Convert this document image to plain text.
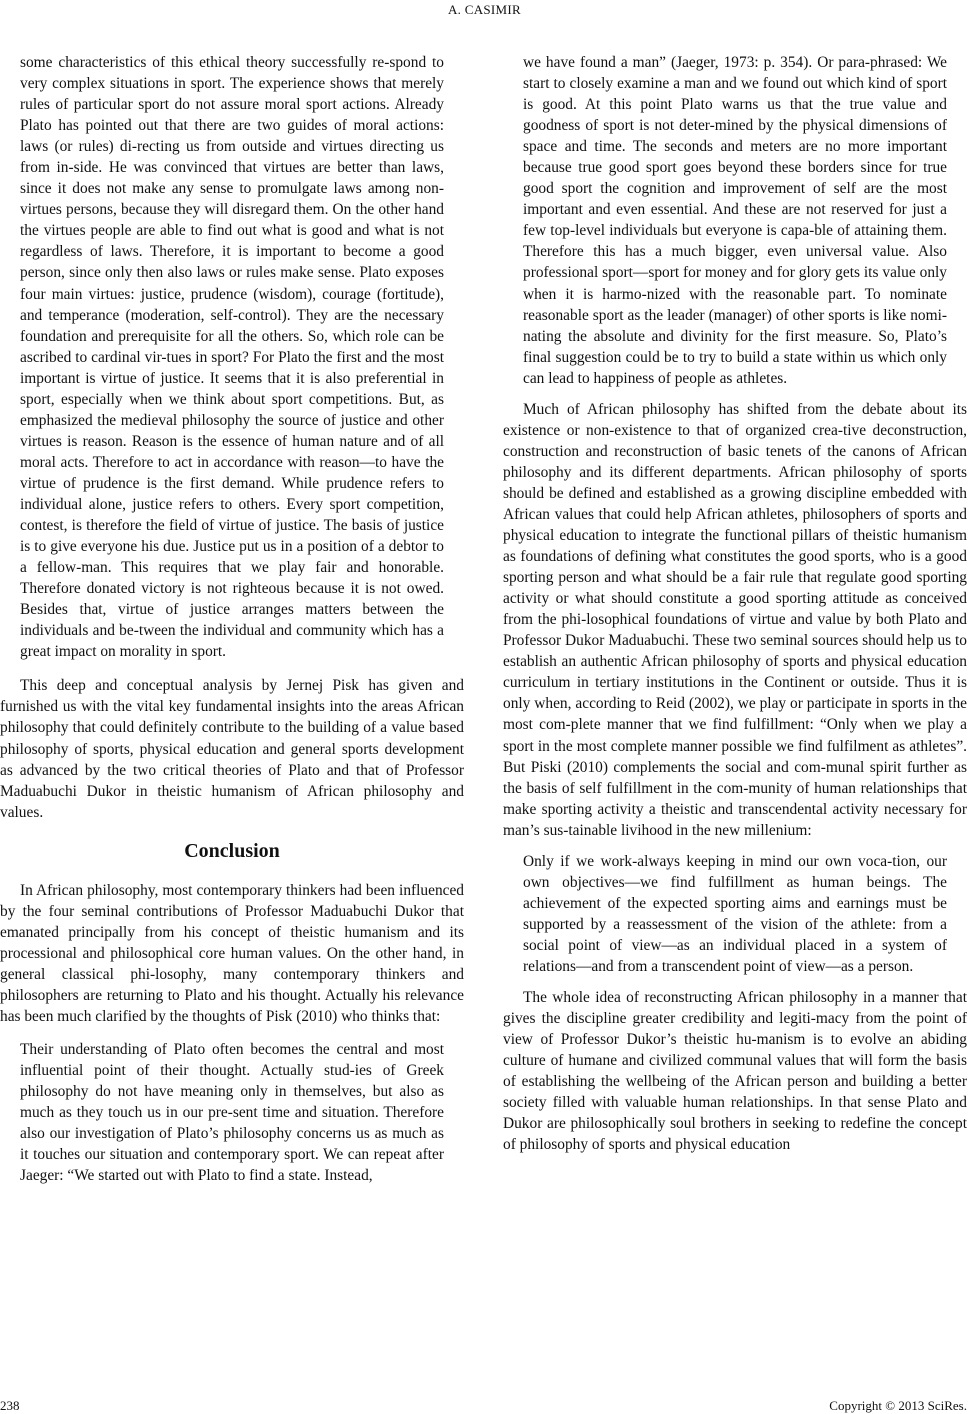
A. CASIMIR

some characteristics of this ethical theory successfully re-spond to very complex situations in sport. The experience shows that merely rules of particular sport do not assure moral sport actions. Already Plato has pointed out that there are two guides of moral actions: laws (or rules) di-recting us from outside and virtues directing us from in-side. He was convinced that virtues are better than laws, since it does not make any sense to promulgate laws among non-virtues persons, because they will disregard them. On the other hand the virtues people are able to find out what is good and what is not regardless of laws. Therefore, it is important to become a good person, since only then also laws or rules make sense. Plato exposes four main virtues: justice, prudence (wisdom), courage (fortitude), and temperance (moderation, self-control). They are the necessary foundation and prerequisite for all the others. So, which role can be ascribed to cardinal vir-tues in sport? For Plato the first and the most important is virtue of justice. It seems that it is also preferential in sport, especially when we think about sport competitions. But, as emphasized the medieval philosophy the source of justice and other virtues is reason. Reason is the essence of human nature and of all moral acts. Therefore to act in accordance with reason—to have the virtue of prudence is the first demand. While prudence refers to individual alone, justice refers to others. Every sport competition, contest, is therefore the field of virtue of justice. The basis of justice is to give everyone his due. Justice put us in a position of a debtor to a fellow-man. This requires that we play fair and honorable. Therefore donated victory is not righteous because it is not owed. Besides that, virtue of justice arranges matters between the individuals and be-tween the individual and community which has a great impact on morality in sport.

This deep and conceptual analysis by Jernej Pisk has given and furnished us with the vital key fundamental insights into the areas African philosophy that could definitely contribute to the building of a value based philosophy of sports, physical education and general sports development as advanced by the two critical theories of Plato and that of Professor Maduabuchi Dukor in theistic humanism of African philosophy and values.

Conclusion

In African philosophy, most contemporary thinkers had been influenced by the four seminal contributions of Professor Maduabuchi Dukor that emanated principally from his concept of theistic humanism and its processional and philosophical core human values. On the other hand, in general classical phi-losophy, many contemporary thinkers and philosophers are returning to Plato and his thought. Actually his relevance has been much clarified by the thoughts of Pisk (2010) who thinks that:

Their understanding of Plato often becomes the central and most influential point of their thought. Actually stud-ies of Greek philosophy do not have meaning only in themselves, but also as much as they touch us in our pre-sent time and situation. Therefore also our investigation of Plato’s philosophy concerns us as much as it touches our situation and contemporary sport. We can repeat after Jaeger: “We started out with Plato to find a state. Instead,

we have found a man” (Jaeger, 1973: p. 354). Or para-phrased: We start to closely examine a man and we found out which kind of sport is good. At this point Plato warns us that the true value and goodness of sport is not deter-mined by the physical dimensions of space and time. The seconds and meters are no more important because true good sport goes beyond these borders since for true good sport the cognition and improvement of self are the most important and even essential. And these are not reserved for just a few top-level individuals but everyone is capa-ble of attaining them. Therefore this has a much bigger, even universal value. Also professional sport—sport for money and for glory gets its value only when it is harmo-nized with the reasonable part. To nominate reasonable sport as the leader (manager) of other sports is like nomi-nating the absolute and divinity for the first measure. So, Plato’s final suggestion could be to try to build a state within us which only can lead to happiness of people as athletes.

Much of African philosophy has shifted from the debate about its existence or non-existence to that of organized crea-tive deconstruction, construction and reconstruction of basic tenets of the canons of African philosophy and its different departments. African philosophy of sports should be defined and established as a growing discipline embedded with African values that could help African athletes, philosophers of sports and physical education to integrate the functional pillars of theistic humanism as foundations of defining what constitutes the good sports, who is a good sporting person and what should be a fair rule that regulate good sporting activity or what should constitute a good sporting attitude as conceived from the phi-losophical foundations of virtue and value by both Plato and Professor Dukor Maduabuchi. These two seminal sources should help us to establish an authentic African philosophy of sports and physical education curriculum in tertiary institutions in the Continent or outside. Thus it is only when, according to Reid (2002), we play or participate in sports in the most com-plete manner that we find fulfillment: “Only when we play a sport in the most complete manner possible we find fulfilment as athletes”. But Piski (2010) complements the social and com-munal spirit further as the basis of self fulfillment in the com-munity of human relationships that make sporting activity a theistic and transcendental activity necessary for man’s sus-tainable livihood in the new millenium:

Only if we work-always keeping in mind our own voca-tion, our own objectives—we find fulfillment as human beings. The achievement of the expected sporting aims and earnings must be supported by a reassessment of the vision of the athlete: from a social point of view—as an individual placed in a system of relations—and from a transcendent point of view—as a person.

The whole idea of reconstructing African philosophy in a manner that gives the discipline greater credibility and legiti-macy from the point of view of Professor Dukor’s theistic hu-manism is to evolve an abiding culture of humane and civilized communal values that will form the basis of establishing the wellbeing of the African person and building a better society filled with valuable human relationships. In that sense Plato and Dukor are philosophically soul brothers in seeking to redefine the concept of philosophy of sports and physical education

238	Copyright © 2013 SciRes.
